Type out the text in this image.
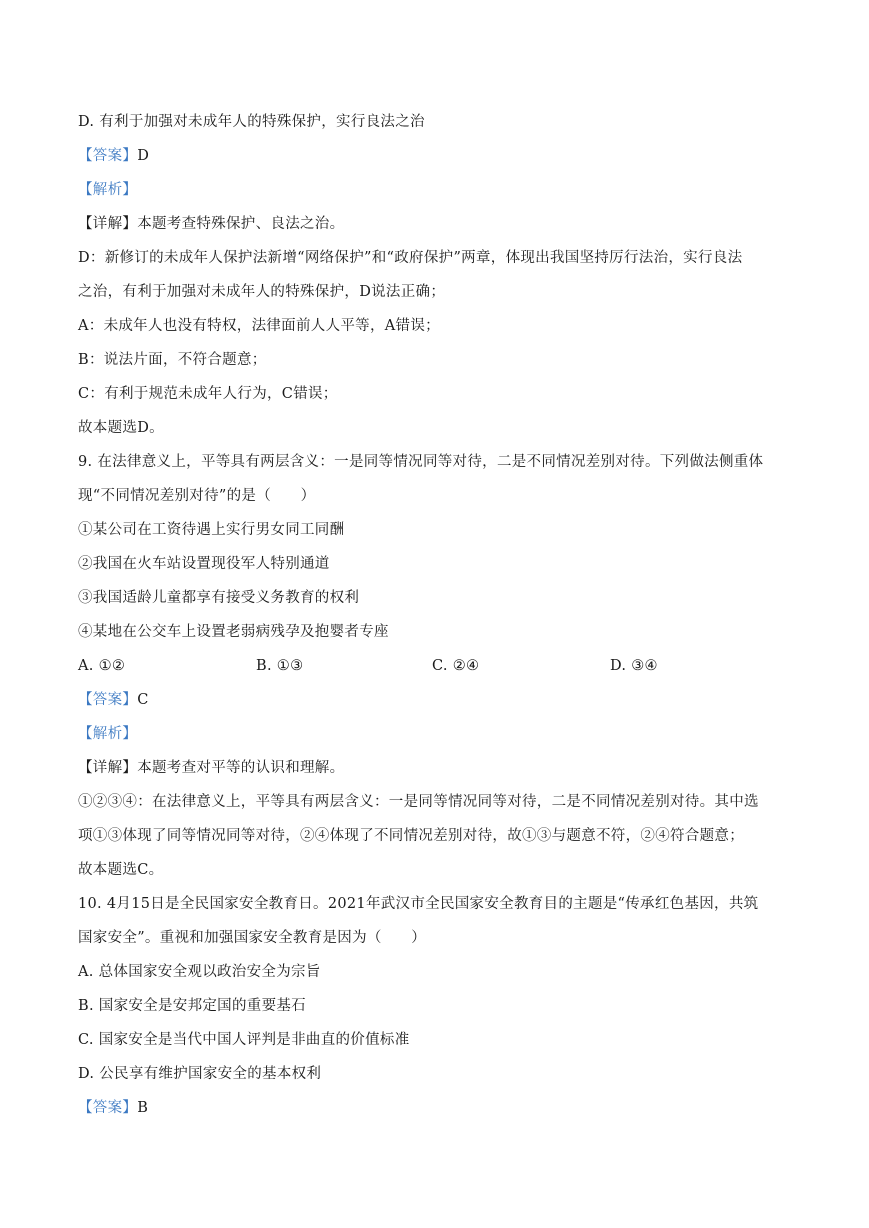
D. 有利于加强对未成年人的特殊保护，实行良法之治
【答案】D
【解析】
【详解】本题考查特殊保护、良法之治。
D：新修订的未成年人保护法新增“网络保护”和“政府保护”两章，体现出我国坚持厉行法治，实行良法
之治，有利于加强对未成年人的特殊保护，D说法正确；
A：未成年人也没有特权，法律面前人人平等，A错误；
B：说法片面，不符合题意；
C：有利于规范未成年人行为，C错误；
故本题选D。
9. 在法律意义上，平等具有两层含义：一是同等情况同等对待，二是不同情况差别对待。下列做法侧重体
现“不同情况差别对待”的是（　　）
①某公司在工资待遇上实行男女同工同酬
②我国在火车站设置现役军人特别通道
③我国适龄儿童都享有接受义务教育的权利
④某地在公交车上设置老弱病残孕及抱婴者专座
A. ①②	B. ①③	C. ②④	D. ③④
【答案】C
【解析】
【详解】本题考查对平等的认识和理解。
①②③④：在法律意义上，平等具有两层含义：一是同等情况同等对待，二是不同情况差别对待。其中选
项①③体现了同等情况同等对待，②④体现了不同情况差别对待，故①③与题意不符，②④符合题意；
故本题选C。
10. 4月15日是全民国家安全教育日。2021年武汉市全民国家安全教育目的主题是“传承红色基因，共筑
国家安全”。重视和加强国家安全教育是因为（　　）
A. 总体国家安全观以政治安全为宗旨
B. 国家安全是安邦定国的重要基石
C. 国家安全是当代中国人评判是非曲直的价值标准
D. 公民享有维护国家安全的基本权利
【答案】B
